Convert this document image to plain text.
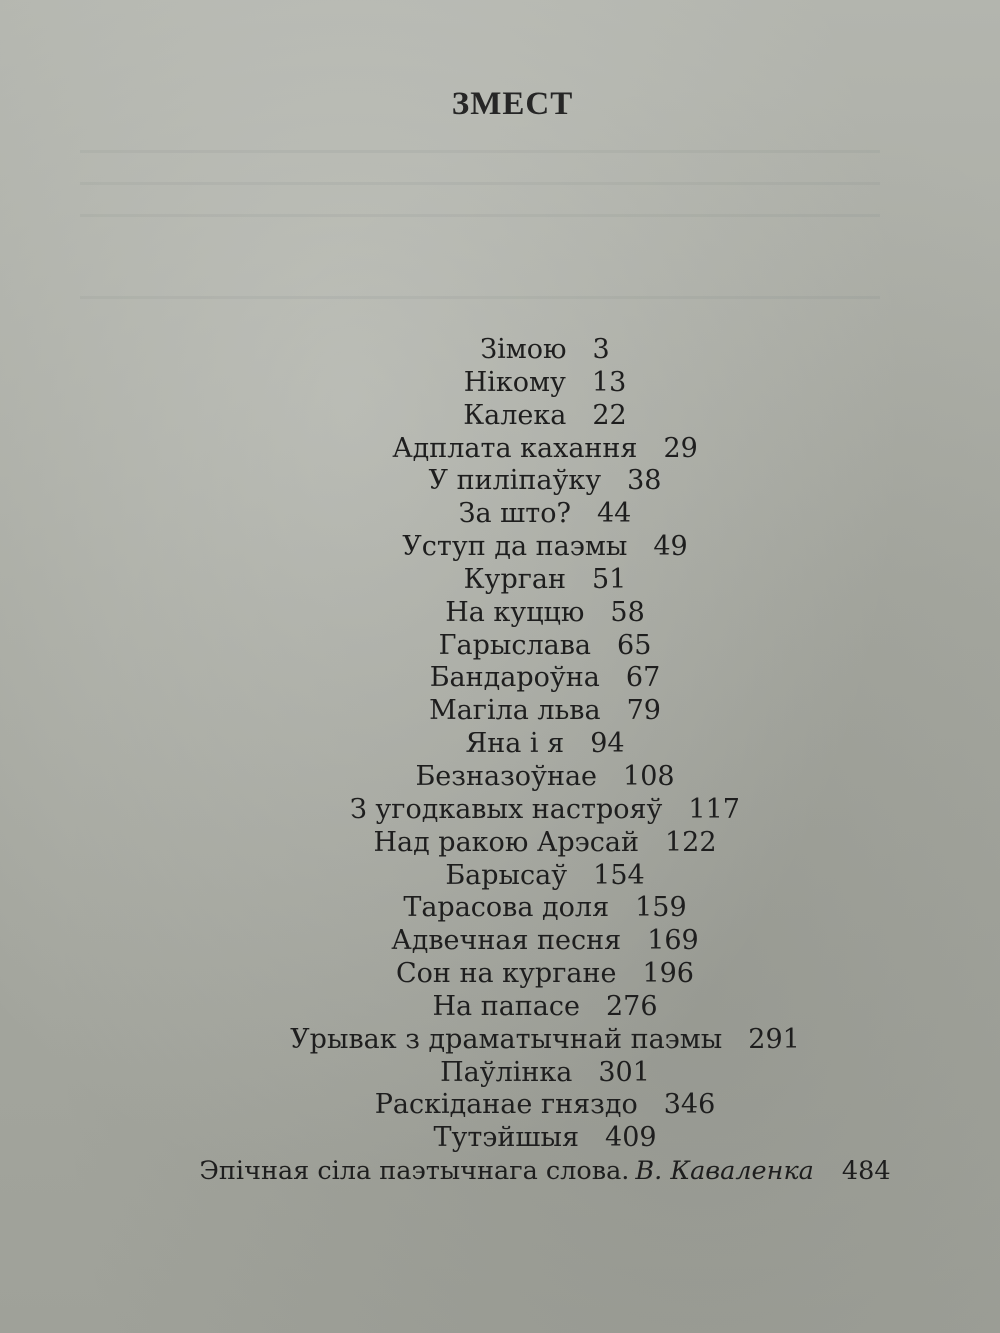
ЗМЕСТ
Зімою 3
Нікому 13
Калека 22
Адплата кахання 29
У пиліпаўку 38
За што? 44
Уступ да паэмы 49
Курган 51
На куццю 58
Гарыслава 65
Бандароўна 67
Магіла льва 79
Яна і я 94
Безназоўнае 108
З угодкавых настрояў 117
Над ракою Арэсай 122
Барысаў 154
Тарасова доля 159
Адвечная песня 169
Сон на кургане 196
На папасе 276
Урывак з драматычнай паэмы 291
Паўлінка 301
Раскіданае гняздо 346
Тутэйшыя 409
Эпічная сіла паэтычнага слова. В. Каваленка 484
